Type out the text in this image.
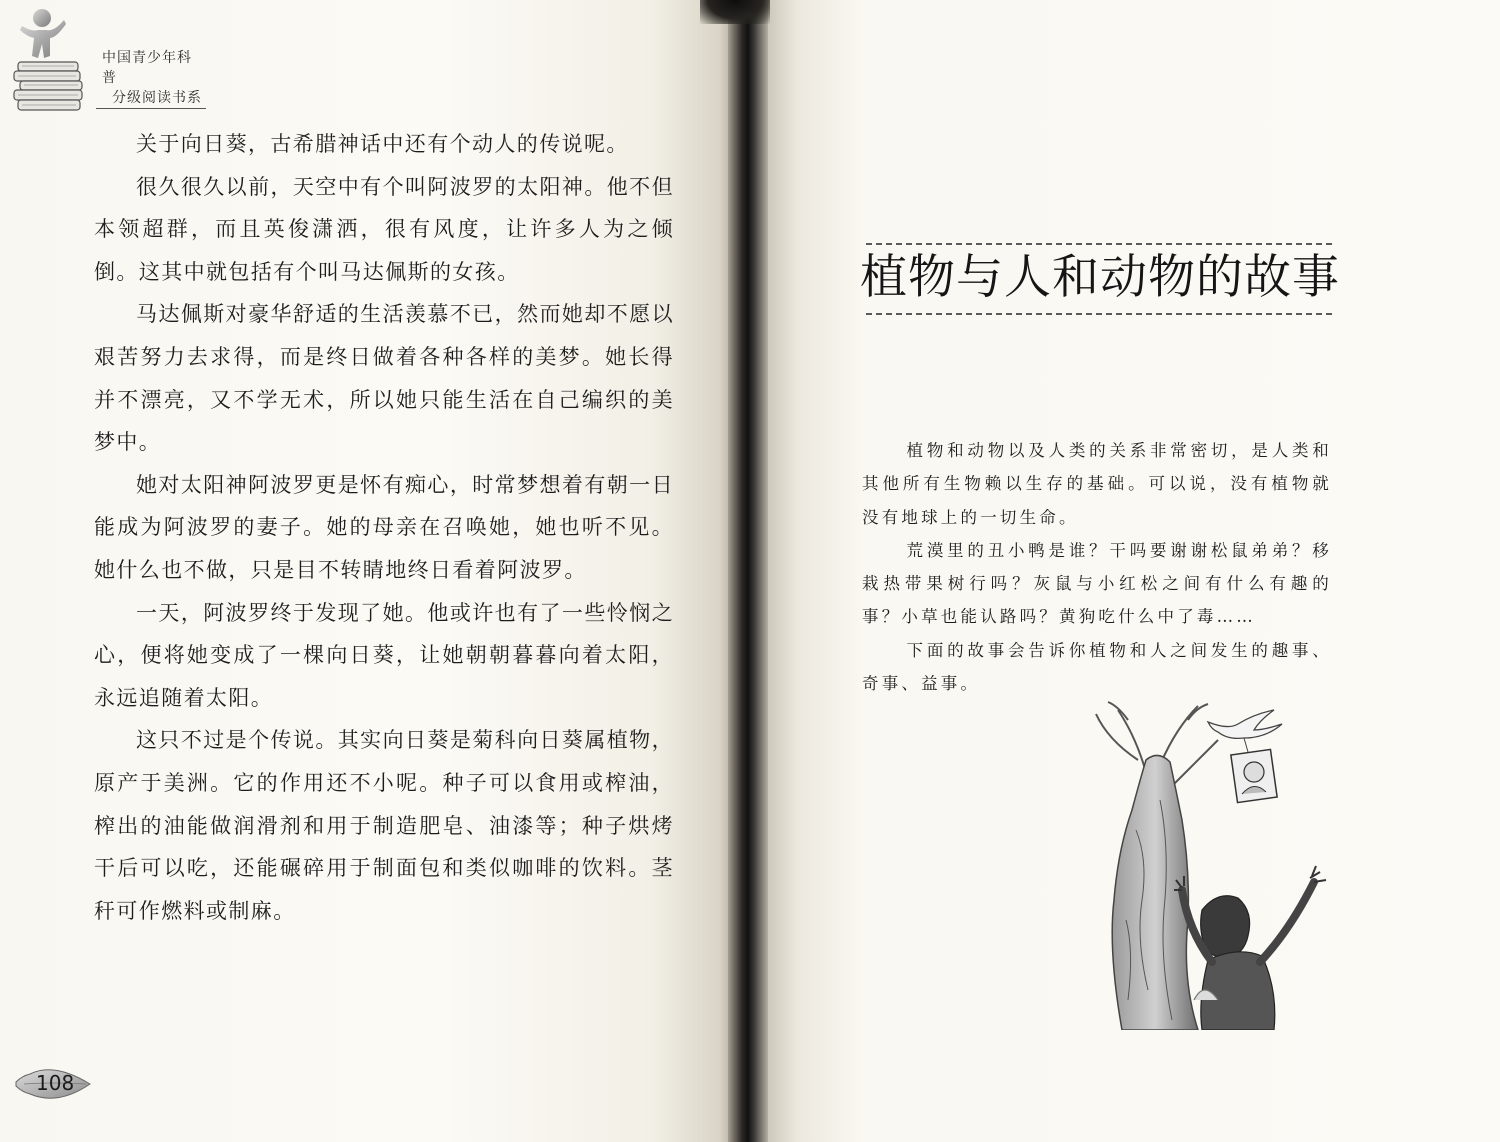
中国青少年科普
分级阅读书系

关于向日葵，古希腊神话中还有个动人的传说呢。

很久很久以前，天空中有个叫阿波罗的太阳神。他不但本领超群，而且英俊潇洒，很有风度，让许多人为之倾倒。这其中就包括有个叫马达佩斯的女孩。

马达佩斯对豪华舒适的生活羡慕不已，然而她却不愿以艰苦努力去求得，而是终日做着各种各样的美梦。她长得并不漂亮，又不学无术，所以她只能生活在自己编织的美梦中。

她对太阳神阿波罗更是怀有痴心，时常梦想着有朝一日能成为阿波罗的妻子。她的母亲在召唤她，她也听不见。她什么也不做，只是目不转睛地终日看着阿波罗。

一天，阿波罗终于发现了她。他或许也有了一些怜悯之心，便将她变成了一棵向日葵，让她朝朝暮暮向着太阳，永远追随着太阳。

这只不过是个传说。其实向日葵是菊科向日葵属植物，原产于美洲。它的作用还不小呢。种子可以食用或榨油，榨出的油能做润滑剂和用于制造肥皂、油漆等；种子烘烤干后可以吃，还能碾碎用于制面包和类似咖啡的饮料。茎秆可作燃料或制麻。

108
植物与人和动物的故事

植物和动物以及人类的关系非常密切，是人类和其他所有生物赖以生存的基础。可以说，没有植物就没有地球上的一切生命。

荒漠里的丑小鸭是谁？干吗要谢谢松鼠弟弟？移栽热带果树行吗？灰鼠与小红松之间有什么有趣的事？小草也能认路吗？黄狗吃什么中了毒……

下面的故事会告诉你植物和人之间发生的趣事、奇事、益事。
